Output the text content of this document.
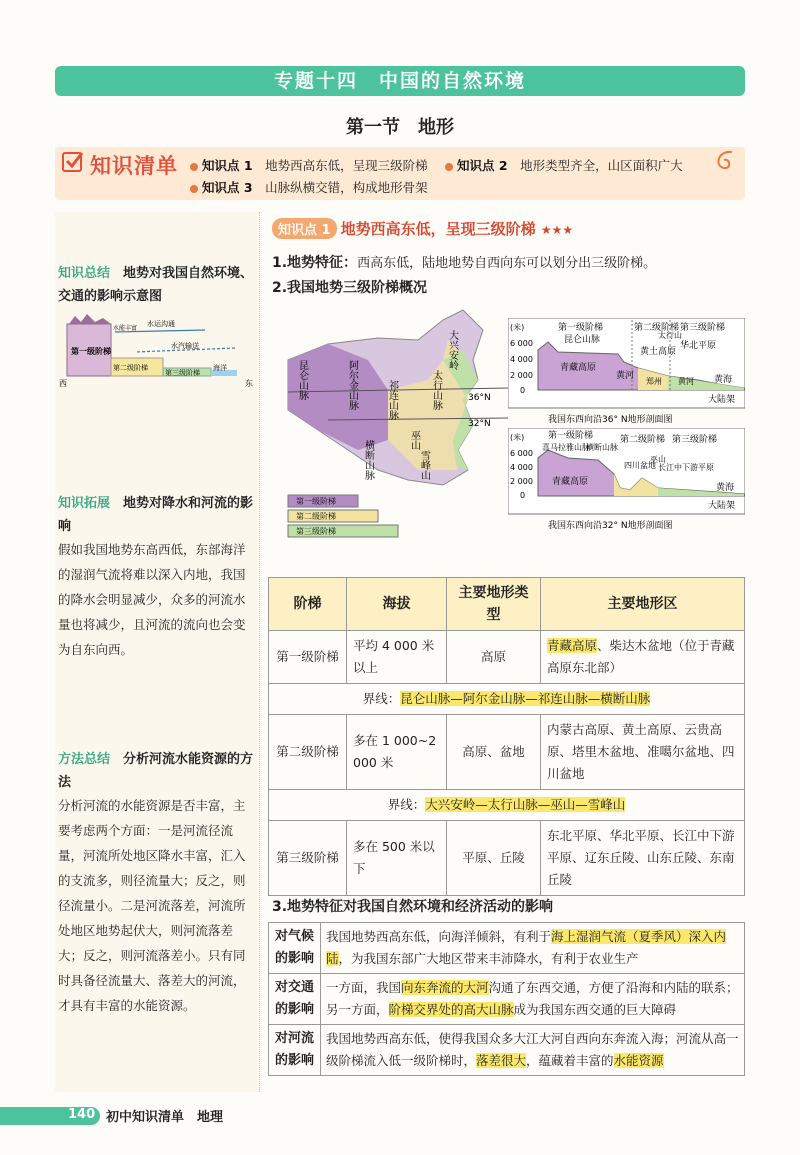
专题十四　中国的自然环境
第一节　地形
知识清单	知识点 1　 地势西高东低，呈现三级阶梯	知识点 2　 地形类型齐全，山区面积广大
知识点 3　 山脉纵横交错，构成地形骨架
知识总结　 地势对我国自然环境、交通的影响示意图
第一级阶梯
第二级阶梯
第三级阶梯
海洋
水能丰富
水运沟通
水汽输送
西	东
知识拓展　 地势对降水和河流的影响
假如我国地势东高西低，东部海洋的湿润气流将难以深入内地，我国的降水会明显减少，众多的河流水量也将减少，且河流的流向也会变为自东向西。
方法总结　 分析河流水能资源的方法
分析河流的水能资源是否丰富，主要考虑两个方面：一是河流径流量，河流所处地区降水丰富，汇入的支流多，则径流量大；反之，则径流量小。二是河流落差，河流所处地区地势起伏大，则河流落差大；反之，则河流落差小。只有同时具备径流量大、落差大的河流，才具有丰富的水能资源。
知识点 1 地势西高东低，呈现三级阶梯 ★★★
1.地势特征：西高东低，陆地地势自西向东可以划分出三级阶梯。
2.我国地势三级阶梯概况
36°N
32°N
大兴安岭
阿尔金山脉
昆仑山脉	祁连山脉	太行山脉
巫山
雪峰山
横断山脉
第一级阶梯
第二级阶梯
第三级阶梯
(米)
6 000
4 000
2 000
0
第一级阶梯	第二级阶梯 第三级阶梯
昆仑山脉
青藏高原
黄土高原
华北平原
黄河
郑州 黄河 黄海
太行山
大陆架
我国东西向沿36° N地形剖面图
(米)
6 000
4 000
2 000
0
第一级阶梯
喜马拉雅山脉
横断山脉
青藏高原
第二级阶梯
四川盆地
第三级阶梯
长江中下游平原
巫山
黄海
大陆架
我国东西向沿32° N地形剖面图
阶梯	海拔	主要地形类型	主要地形区
第一级阶梯	平均 4 000 米以上	高原	青藏高原、柴达木盆地（位于青藏高原东北部）
界线：昆仑山脉—阿尔金山脉—祁连山脉—横断山脉			
第二级阶梯	多在 1 000~2 000 米	高原、盆地	内蒙古高原、黄土高原、云贵高原、塔里木盆地、准噶尔盆地、四川盆地
界线：大兴安岭—太行山脉—巫山—雪峰山			
第三级阶梯	多在 500 米以下	平原、丘陵	东北平原、华北平原、长江中下游平原、辽东丘陵、山东丘陵、东南丘陵
3.地势特征对我国自然环境和经济活动的影响
对气候的影响	我国地势西高东低，向海洋倾斜，有利于海上湿润气流（夏季风）深入内陆，为我国东部广大地区带来丰沛降水，有利于农业生产
对交通的影响	一方面，我国向东奔流的大河沟通了东西交通，方便了沿海和内陆的联系；另一方面，阶梯交界处的高大山脉成为我国东西交通的巨大障碍
对河流的影响	我国地势西高东低，使得我国众多大江大河自西向东奔流入海；河流从高一级阶梯流入低一级阶梯时，落差很大，蕴藏着丰富的水能资源
140 初中知识清单　地理
